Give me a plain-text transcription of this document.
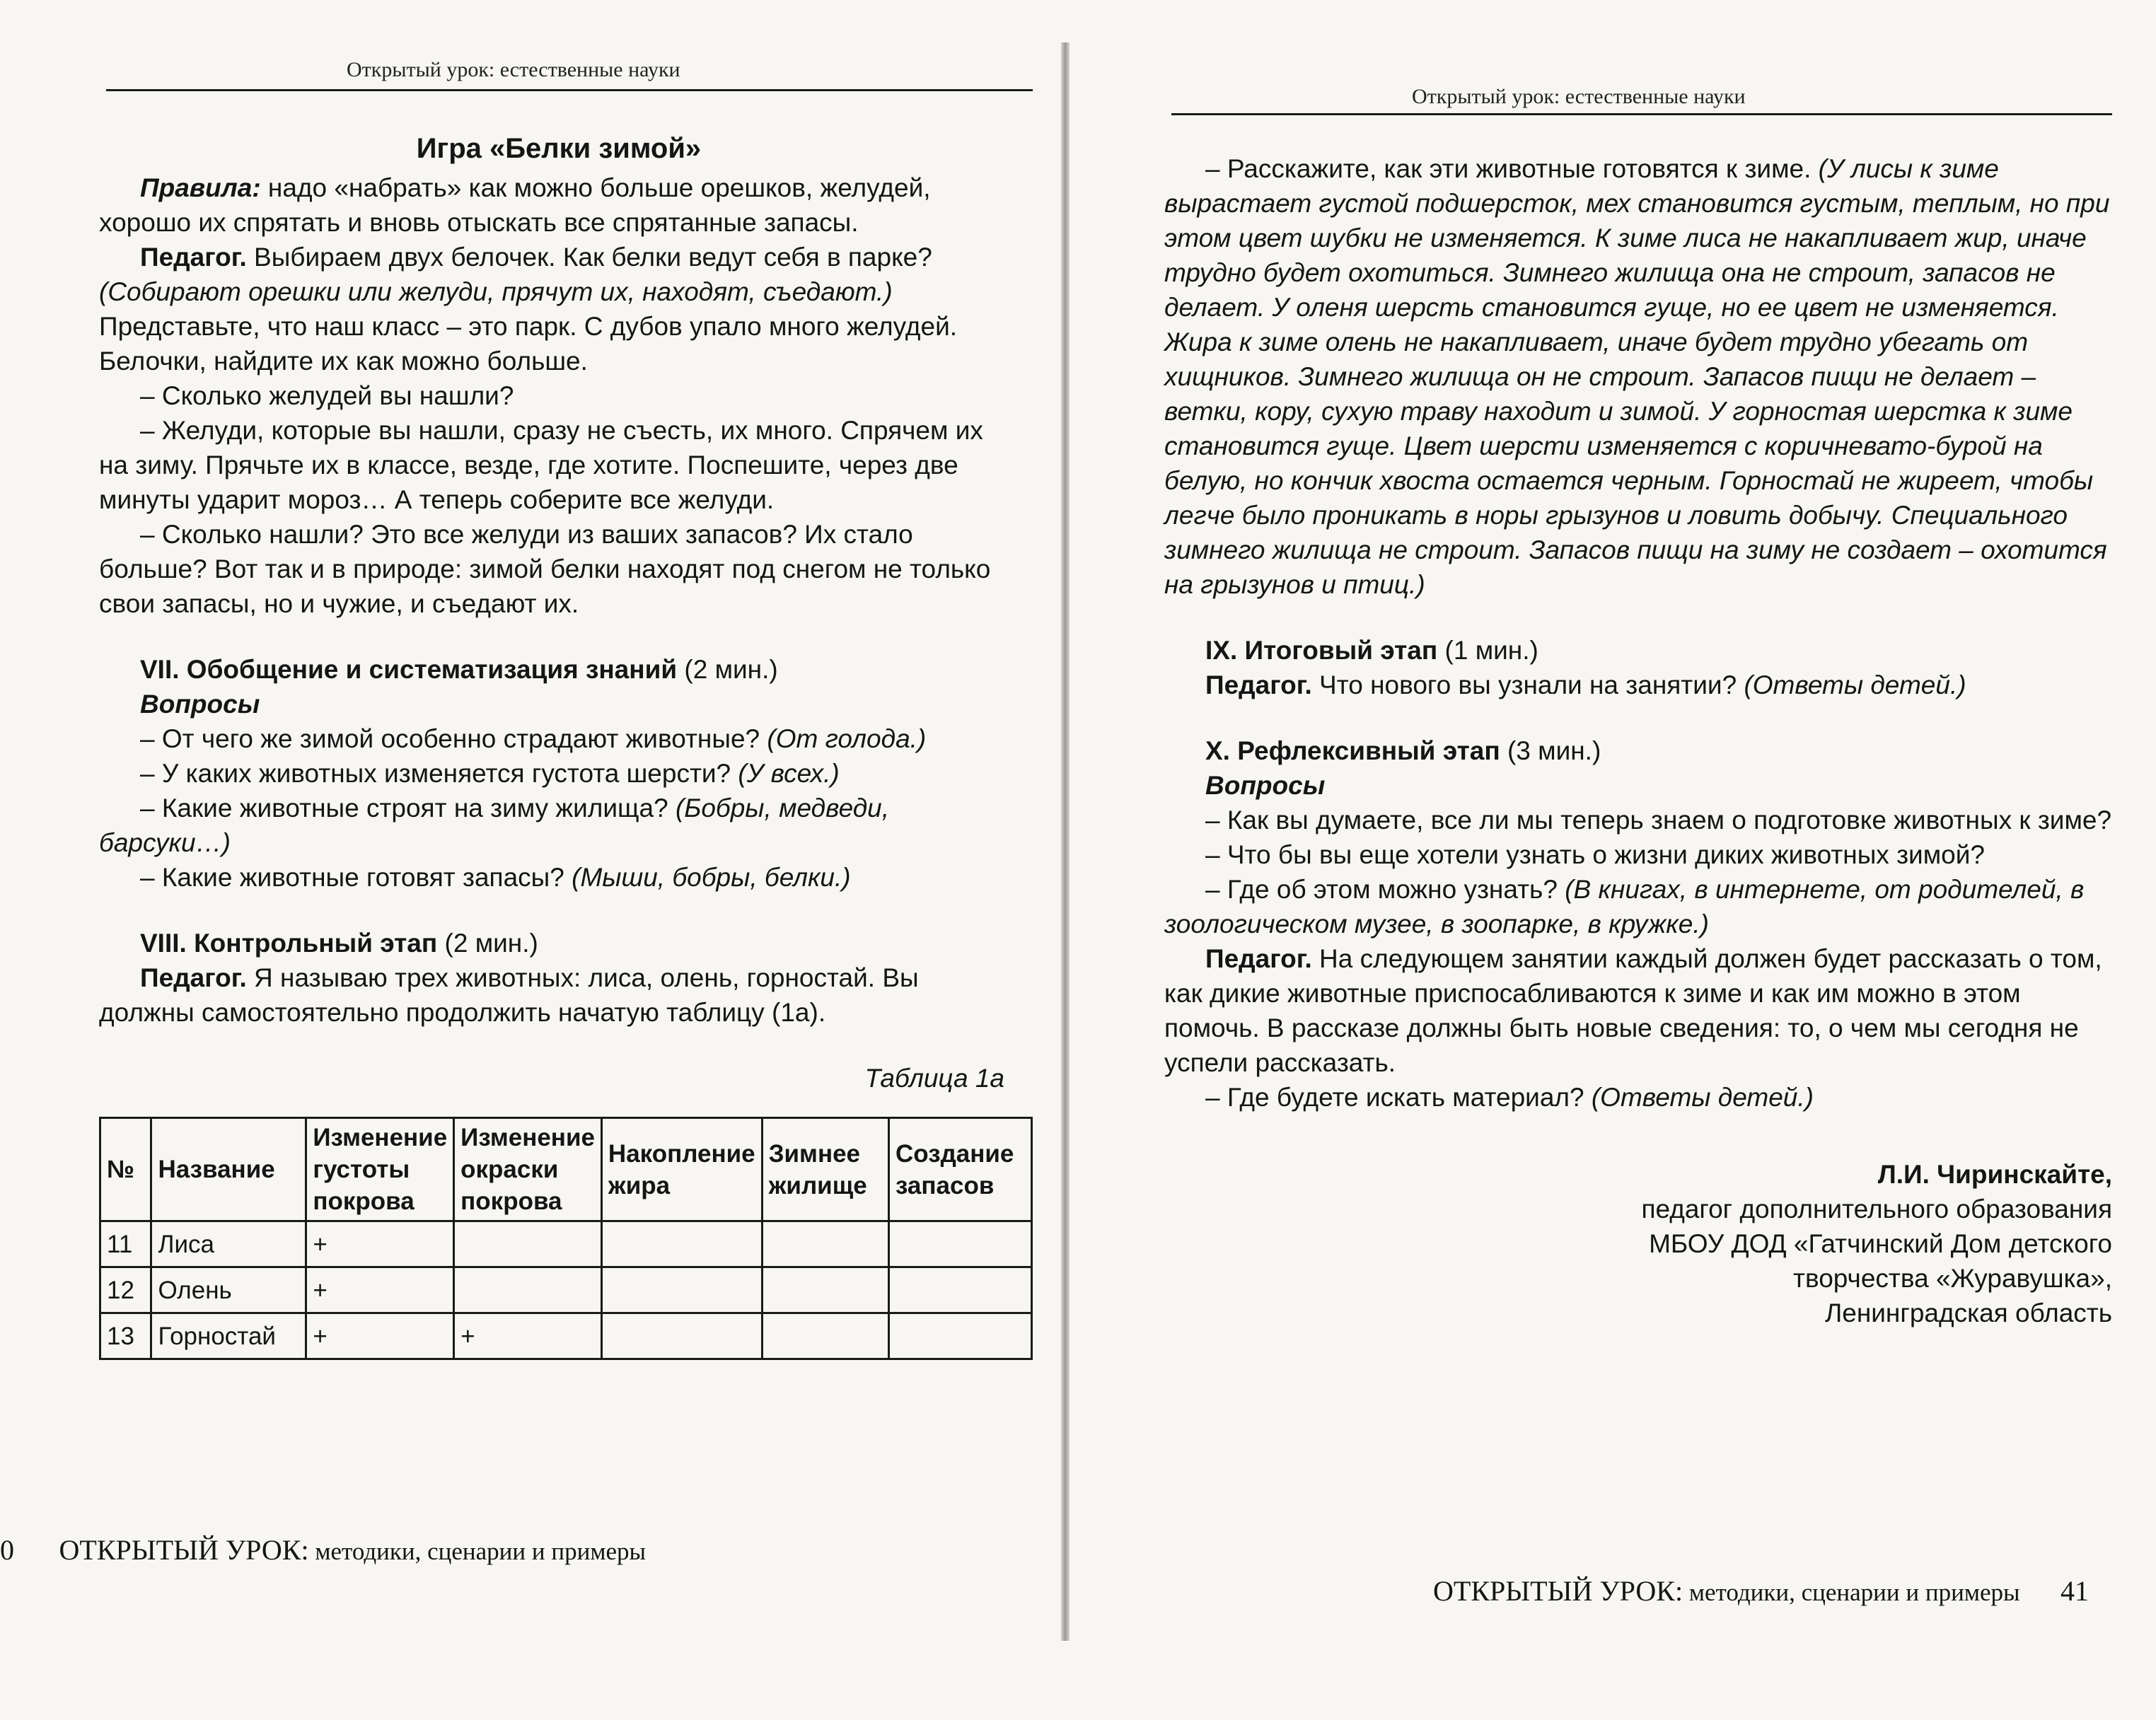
Открытый урок: естественные науки

Игра «Белки зимой»

Правила: надо «набрать» как можно больше орешков, желудей, хорошо их спрятать и вновь отыскать все спрятанные запасы.

Педагог. Выбираем двух белочек. Как белки ведут себя в парке? (Собирают орешки или желуди, прячут их, находят, съедают.) Представьте, что наш класс – это парк. С дубов упало много желудей. Белочки, найдите их как можно больше.

– Сколько желудей вы нашли?

– Желуди, которые вы нашли, сразу не съесть, их много. Спрячем их на зиму. Прячьте их в классе, везде, где хотите. Поспешите, через две минуты ударит мороз… А теперь соберите все желуди.

– Сколько нашли? Это все желуди из ваших запасов? Их стало больше? Вот так и в природе: зимой белки находят под снегом не только свои запасы, но и чужие, и съедают их.

VII. Обобщение и систематизация знаний (2 мин.)

Вопросы

– От чего же зимой особенно страдают животные? (От голода.)

– У каких животных изменяется густота шерсти? (У всех.)

– Какие животные строят на зиму жилища? (Бобры, медведи, барсуки…)

– Какие животные готовят запасы? (Мыши, бобры, белки.)

VIII. Контрольный этап (2 мин.)

Педагог. Я называю трех животных: лиса, олень, горностай. Вы должны самостоятельно продолжить начатую таблицу (1а).

Таблица 1а

№	Название	Изменение густоты покрова	Изменение окраски покрова	Накопление жира	Зимнее жилище	Создание запасов
11	Лиса	+				
12	Олень	+				
13	Горностай	+	+			
0 ОТКРЫТЫЙ УРОК: методики, сценарии и примеры
Открытый урок: естественные науки

– Расскажите, как эти животные готовятся к зиме. (У лисы к зиме вырастает густой подшерсток, мех становится густым, теплым, но при этом цвет шубки не изменяется. К зиме лиса не накапливает жир, иначе трудно будет охотиться. Зимнего жилища она не строит, запасов не делает. У оленя шерсть становится гуще, но ее цвет не изменяется. Жира к зиме олень не накапливает, иначе будет трудно убегать от хищников. Зимнего жилища он не строит. Запасов пищи не делает – ветки, кору, сухую траву находит и зимой. У горностая шерстка к зиме становится гуще. Цвет шерсти изменяется с коричневато-бурой на белую, но кончик хвоста остается черным. Горностай не жиреет, чтобы легче было проникать в норы грызунов и ловить добычу. Специального зимнего жилища не строит. Запасов пищи на зиму не создает – охотится на грызунов и птиц.)

IX. Итоговый этап (1 мин.)

Педагог. Что нового вы узнали на занятии? (Ответы детей.)

X. Рефлексивный этап (3 мин.)

Вопросы

– Как вы думаете, все ли мы теперь знаем о подготовке животных к зиме?

– Что бы вы еще хотели узнать о жизни диких животных зимой?

– Где об этом можно узнать? (В книгах, в интернете, от родителей, в зоологическом музее, в зоопарке, в кружке.)

Педагог. На следующем занятии каждый должен будет рассказать о том, как дикие животные приспосабливаются к зиме и как им можно в этом помочь. В рассказе должны быть новые сведения: то, о чем мы сегодня не успели рассказать.

– Где будете искать материал? (Ответы детей.)

Л.И. Чиринскайте,

педагог дополнительного образования

МБОУ ДОД «Гатчинский Дом детского

творчества «Журавушка»,

Ленинградская область

ОТКРЫТЫЙ УРОК: методики, сценарии и примеры 41
